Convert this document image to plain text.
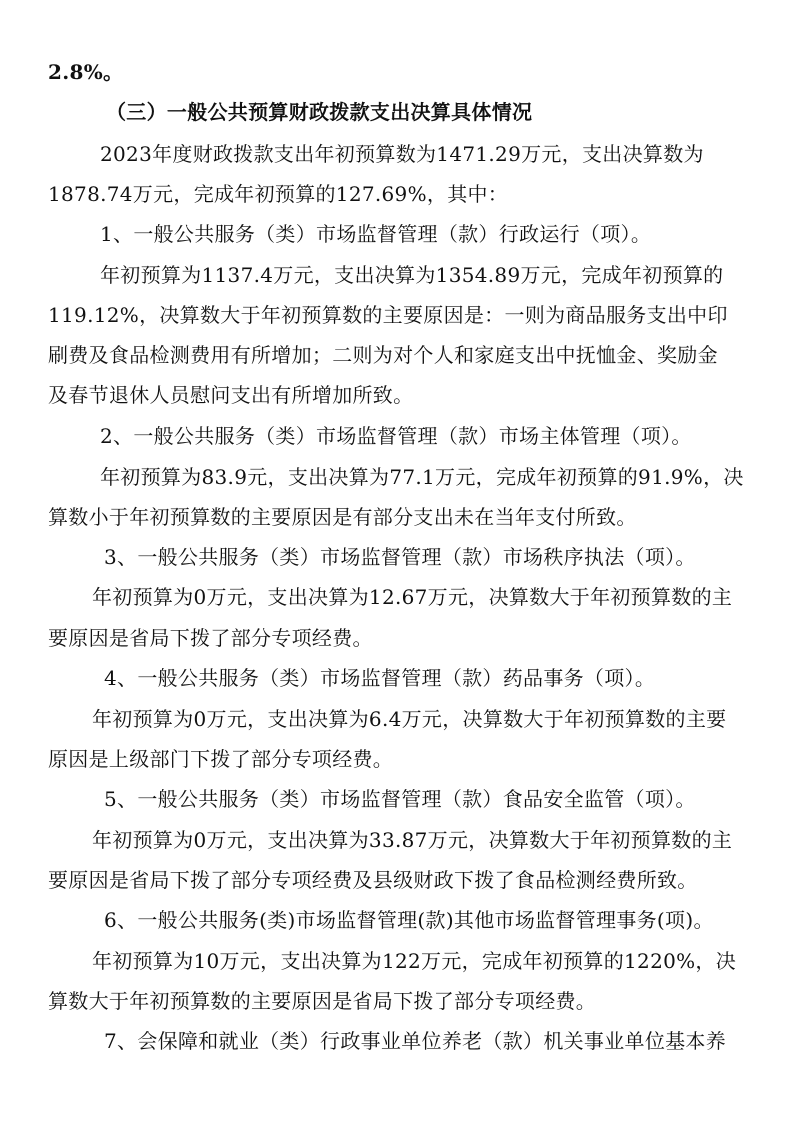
2.8%。
（三）一般公共预算财政拨款支出决算具体情况
2023年度财政拨款支出年初预算数为1471.29万元，支出决算数为
1878.74万元，完成年初预算的127.69%，其中：
1、一般公共服务（类）市场监督管理（款）行政运行（项）。
年初预算为1137.4万元，支出决算为1354.89万元，完成年初预算的
119.12%，决算数大于年初预算数的主要原因是：一则为商品服务支出中印
刷费及食品检测费用有所增加；二则为对个人和家庭支出中抚恤金、奖励金
及春节退休人员慰问支出有所增加所致。
2、一般公共服务（类）市场监督管理（款）市场主体管理（项）。
年初预算为83.9元，支出决算为77.1万元，完成年初预算的91.9%，决
算数小于年初预算数的主要原因是有部分支出未在当年支付所致。
3、一般公共服务（类）市场监督管理（款）市场秩序执法（项）。
年初预算为0万元，支出决算为12.67万元，决算数大于年初预算数的主
要原因是省局下拨了部分专项经费。
4、一般公共服务（类）市场监督管理（款）药品事务（项）。
年初预算为0万元，支出决算为6.4万元，决算数大于年初预算数的主要
原因是上级部门下拨了部分专项经费。
5、一般公共服务（类）市场监督管理（款）食品安全监管（项）。
年初预算为0万元，支出决算为33.87万元，决算数大于年初预算数的主
要原因是省局下拨了部分专项经费及县级财政下拨了食品检测经费所致。
6、一般公共服务(类)市场监督管理(款)其他市场监督管理事务(项)。
年初预算为10万元，支出决算为122万元，完成年初预算的1220%，决
算数大于年初预算数的主要原因是省局下拨了部分专项经费。
7、会保障和就业（类）行政事业单位养老（款）机关事业单位基本养
